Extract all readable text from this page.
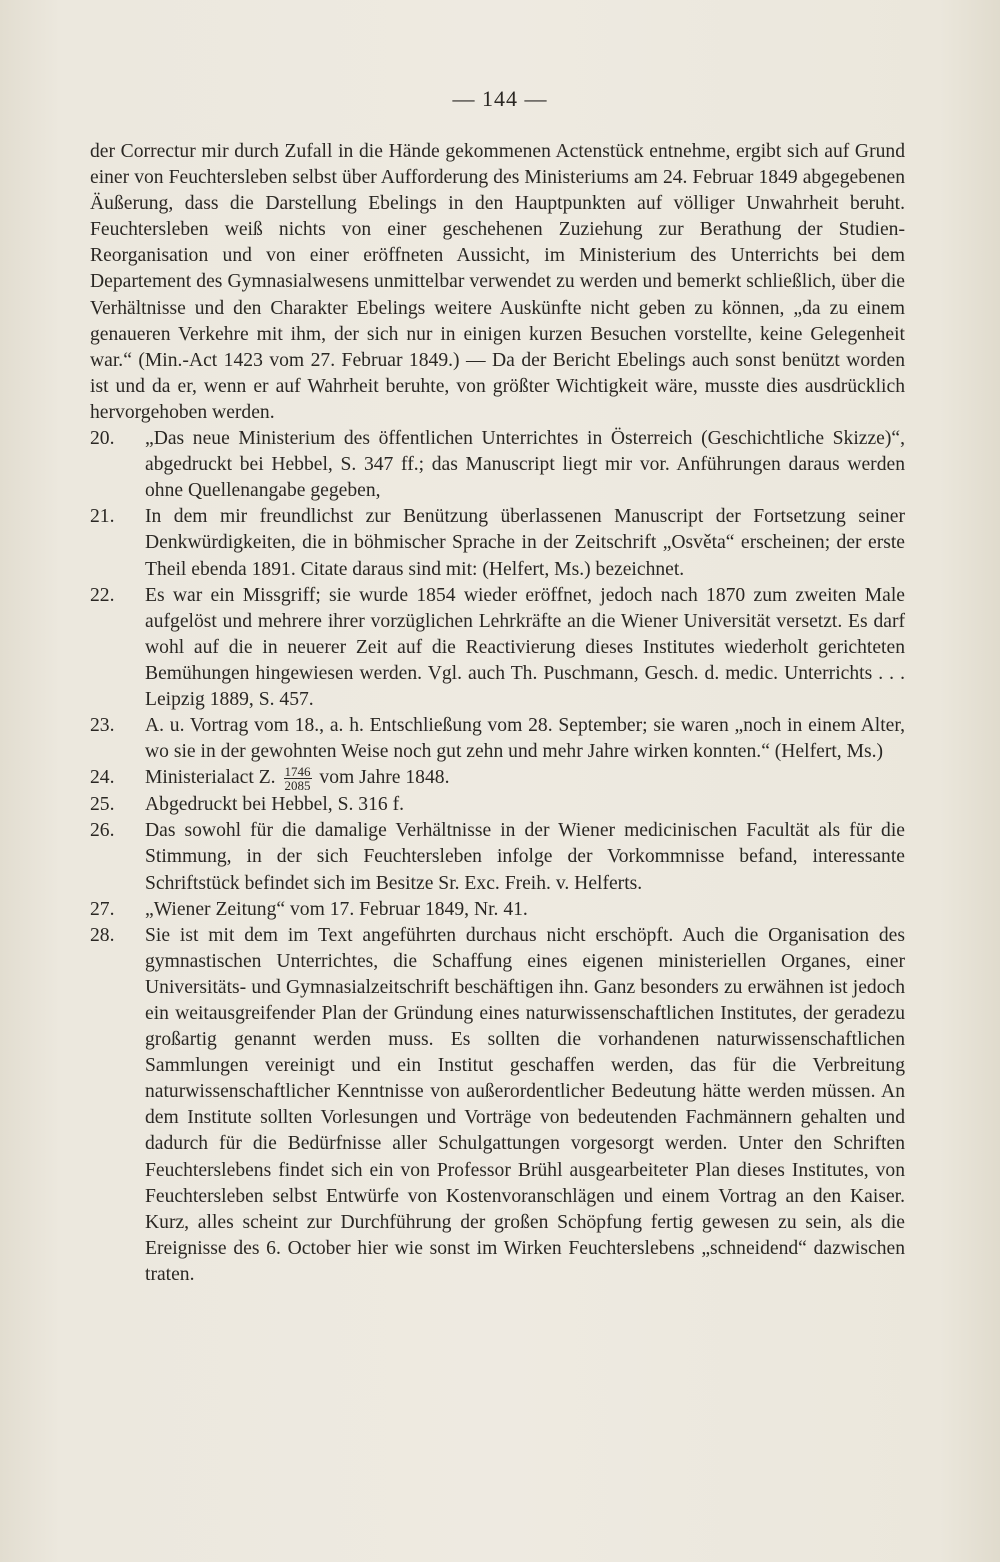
— 144 —

der Correctur mir durch Zufall in die Hände gekommenen Actenstück entnehme, ergibt sich auf Grund einer von Feuchtersleben selbst über Aufforderung des Ministeriums am 24. Februar 1849 abgegebenen Äußerung, dass die Darstellung Ebelings in den Hauptpunkten auf völliger Unwahrheit beruht. Feuchtersleben weiß nichts von einer geschehenen Zuziehung zur Berathung der Studien-Reorganisation und von einer eröffneten Aussicht, im Ministerium des Unterrichts bei dem Departement des Gymnasialwesens unmittelbar verwendet zu werden und bemerkt schließlich, über die Verhältnisse und den Charakter Ebelings weitere Auskünfte nicht geben zu können, „da zu einem genaueren Verkehre mit ihm, der sich nur in einigen kurzen Besuchen vorstellte, keine Gelegenheit war.“ (Min.-Act 1423 vom 27. Februar 1849.) — Da der Bericht Ebelings auch sonst benützt worden ist und da er, wenn er auf Wahrheit beruhte, von größter Wichtigkeit wäre, musste dies ausdrücklich hervorgehoben werden.

20.	„Das neue Ministerium des öffentlichen Unterrichtes in Österreich (Geschichtliche Skizze)“, abgedruckt bei Hebbel, S. 347 ff.; das Manuscript liegt mir vor. Anführungen daraus werden ohne Quellenangabe gegeben,

21.	In dem mir freundlichst zur Benützung überlassenen Manuscript der Fortsetzung seiner Denkwürdigkeiten, die in böhmischer Sprache in der Zeitschrift „Osvěta“ erscheinen; der erste Theil ebenda 1891. Citate daraus sind mit: (Helfert, Ms.) bezeichnet.

22.	Es war ein Missgriff; sie wurde 1854 wieder eröffnet, jedoch nach 1870 zum zweiten Male aufgelöst und mehrere ihrer vorzüglichen Lehrkräfte an die Wiener Universität versetzt. Es darf wohl auf die in neuerer Zeit auf die Reactivierung dieses Institutes wiederholt gerichteten Bemühungen hingewiesen werden. Vgl. auch Th. Puschmann, Gesch. d. medic. Unterrichts . . . Leipzig 1889, S. 457.

23.	A. u. Vortrag vom 18., a. h. Entschließung vom 28. September; sie waren „noch in einem Alter, wo sie in der gewohnten Weise noch gut zehn und mehr Jahre wirken konnten.“ (Helfert, Ms.)

24.	Ministerialact Z. $\frac{1746}{2085}$ vom Jahre 1848.

25.	Abgedruckt bei Hebbel, S. 316 f.

26.	Das sowohl für die damalige Verhältnisse in der Wiener medicinischen Facultät als für die Stimmung, in der sich Feuchtersleben infolge der Vorkommnisse befand, interessante Schriftstück befindet sich im Besitze Sr. Exc. Freih. v. Helferts.

27.	„Wiener Zeitung“ vom 17. Februar 1849, Nr. 41.

28.	Sie ist mit dem im Text angeführten durchaus nicht erschöpft. Auch die Organisation des gymnastischen Unterrichtes, die Schaffung eines eigenen ministeriellen Organes, einer Universitäts- und Gymnasialzeitschrift beschäftigen ihn. Ganz besonders zu erwähnen ist jedoch ein weitausgreifender Plan der Gründung eines naturwissenschaftlichen Institutes, der geradezu großartig genannt werden muss. Es sollten die vorhandenen naturwissenschaftlichen Sammlungen vereinigt und ein Institut geschaffen werden, das für die Verbreitung naturwissenschaftlicher Kenntnisse von außerordentlicher Bedeutung hätte werden müssen. An dem Institute sollten Vorlesungen und Vorträge von bedeutenden Fachmännern gehalten und dadurch für die Bedürfnisse aller Schulgattungen vorgesorgt werden. Unter den Schriften Feuchterslebens findet sich ein von Professor Brühl ausgearbeiteter Plan dieses Institutes, von Feuchtersleben selbst Entwürfe von Kostenvoranschlägen und einem Vortrag an den Kaiser. Kurz, alles scheint zur Durchführung der großen Schöpfung fertig gewesen zu sein, als die Ereignisse des 6. October hier wie sonst im Wirken Feuchterslebens „schneidend“ dazwischen traten.
